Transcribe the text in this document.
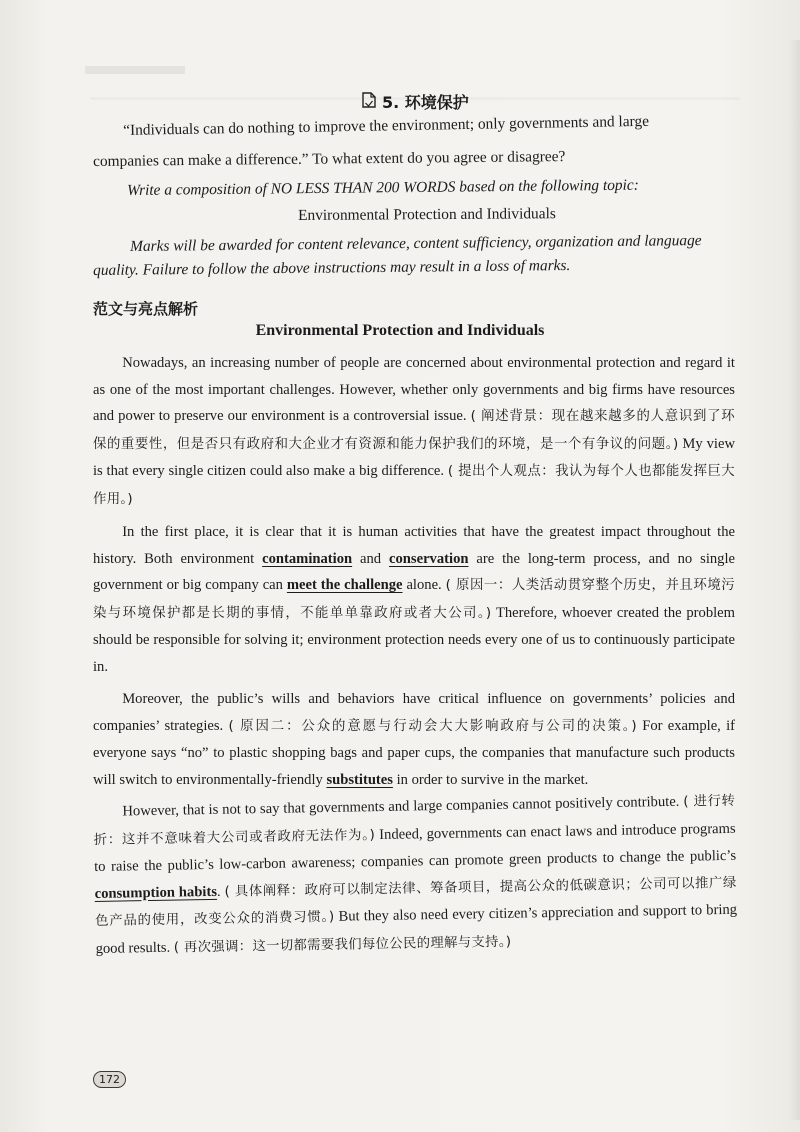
5. 环境保护

“Individuals can do nothing to improve the environment; only governments and large

companies can make a difference.” To what extent do you agree or disagree?

Write a composition of NO LESS THAN 200 WORDS based on the following topic:

Environmental Protection and Individuals

Marks will be awarded for content relevance, content sufficiency, organization and language

quality. Failure to follow the above instructions may result in a loss of marks.

范文与亮点解析
Environmental Protection and Individuals

Nowadays, an increasing number of people are concerned about environmental protection and regard it as one of the most important challenges. However, whether only governments and big firms have resources and power to preserve our environment is a controversial issue. ( 阐述背景：现在越来越多的人意识到了环保的重要性，但是否只有政府和大企业才有资源和能力保护我们的环境，是一个有争议的问题。) My view is that every single citizen could also make a big difference. ( 提出个人观点：我认为每个人也都能发挥巨大作用。)

In the first place, it is clear that it is human activities that have the greatest impact throughout the history. Both environment contamination and conservation are the long-term process, and no single government or big company can meet the challenge alone. ( 原因一：人类活动贯穿整个历史，并且环境污染与环境保护都是长期的事情，不能单单靠政府或者大公司。) Therefore, whoever created the problem should be responsible for solving it; environment protection needs every one of us to continuously participate in.

Moreover, the public’s wills and behaviors have critical influence on governments’ policies and companies’ strategies. ( 原因二：公众的意愿与行动会大大影响政府与公司的决策。) For example, if everyone says “no” to plastic shopping bags and paper cups, the companies that manufacture such products will switch to environmentally-friendly substitutes in order to survive in the market.

However, that is not to say that governments and large companies cannot positively contribute. ( 进行转折：这并不意味着大公司或者政府无法作为。) Indeed, governments can enact laws and introduce programs to raise the public’s low-carbon awareness; companies can promote green products to change the public’s consumption habits. ( 具体阐释：政府可以制定法律、筹备项目，提高公众的低碳意识；公司可以推广绿色产品的使用，改变公众的消费习惯。) But they also need every citizen’s appreciation and support to bring good results. ( 再次强调：这一切都需要我们每位公民的理解与支持。)

172
